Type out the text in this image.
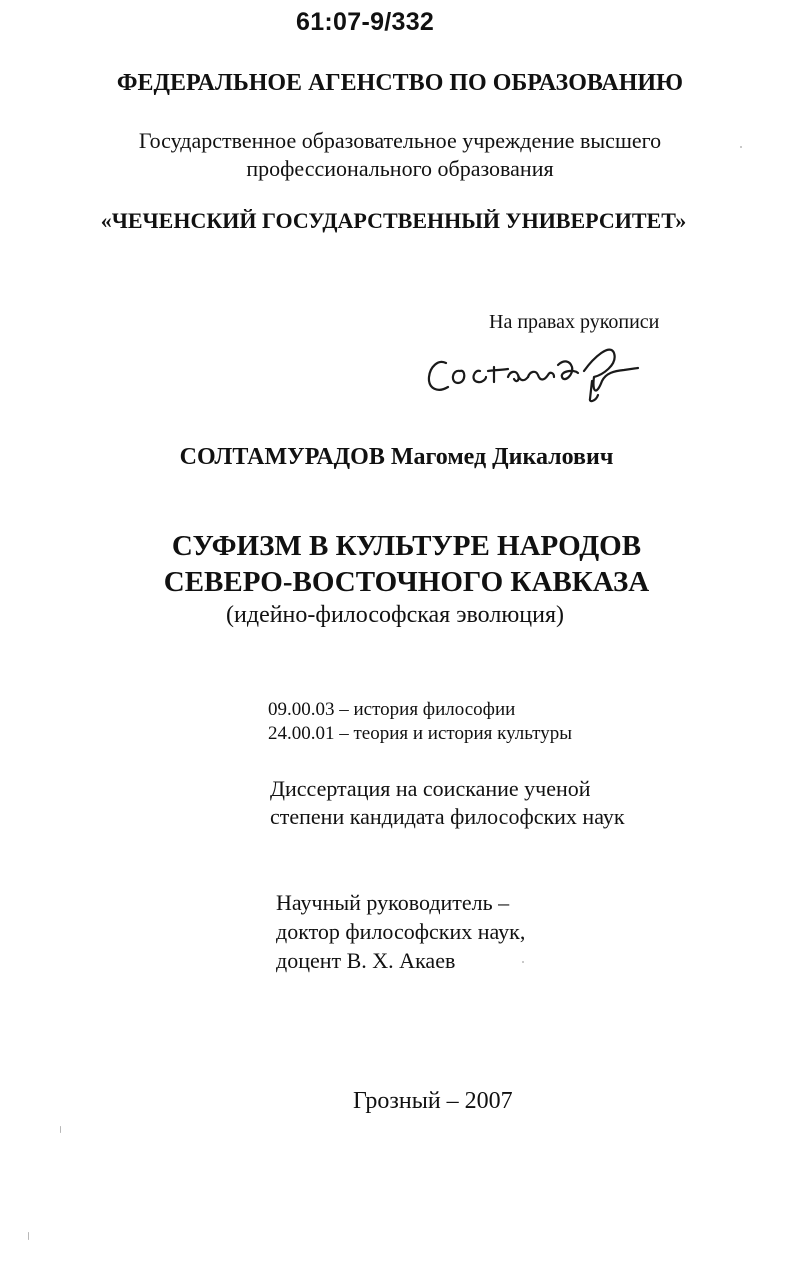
61:07-9/332

ФЕДЕРАЛЬНОЕ АГЕНСТВО ПО ОБРАЗОВАНИЮ

Государственное образовательное учреждение высшего
профессионального образования

«ЧЕЧЕНСКИЙ ГОСУДАРСТВЕННЫЙ УНИВЕРСИТЕТ»

На правах рукописи

СОЛТАМУРАДОВ Магомед Дикалович

СУФИЗМ В КУЛЬТУРЕ НАРОДОВ

СЕВЕРО-ВОСТОЧНОГО КАВКАЗА

(идейно-философская эволюция)

09.00.03 – история философии

24.00.01 – теория и история культуры

Диссертация на соискание ученой
степени кандидата философских наук
Научный руководитель –
доктор философских наук,
доцент В. Х. Акаев

Грозный – 2007
